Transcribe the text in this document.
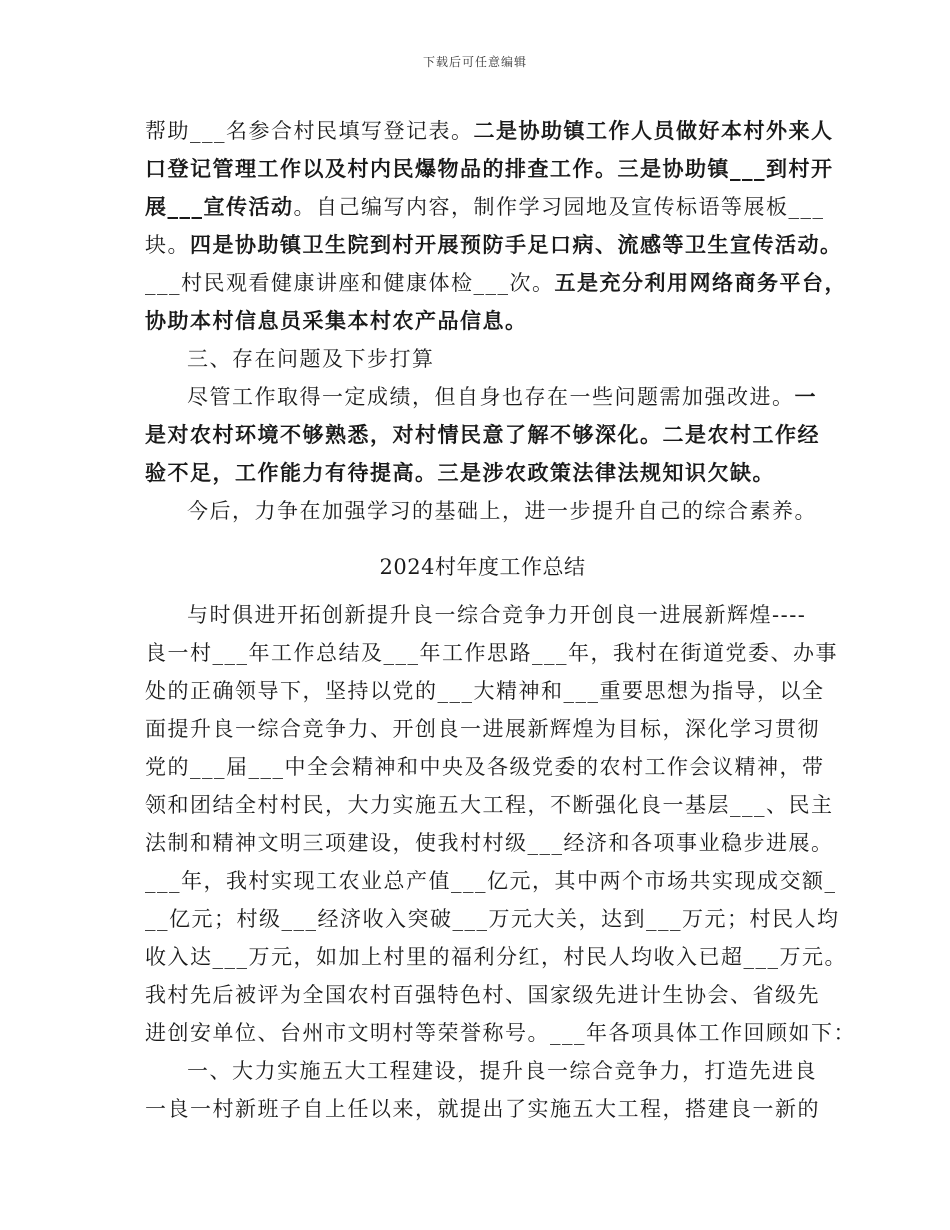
下载后可任意编辑
帮助___名参合村民填写登记表。二是协助镇工作人员做好本村外来人
口登记管理工作以及村内民爆物品的排查工作。三是协助镇___到村开
展___宣传活动。自己编写内容，制作学习园地及宣传标语等展板___
块。四是协助镇卫生院到村开展预防手足口病、流感等卫生宣传活动。
___村民观看健康讲座和健康体检___次。五是充分利用网络商务平台，
协助本村信息员采集本村农产品信息。
三、存在问题及下步打算
尽管工作取得一定成绩，但自身也存在一些问题需加强改进。一
是对农村环境不够熟悉，对村情民意了解不够深化。二是农村工作经
验不足，工作能力有待提高。三是涉农政策法律法规知识欠缺。
今后，力争在加强学习的基础上，进一步提升自己的综合素养。
2024村年度工作总结
与时俱进开拓创新提升良一综合竞争力开创良一进展新辉煌----
良一村___年工作总结及___年工作思路___年，我村在街道党委、办事
处的正确领导下，坚持以党的___大精神和___重要思想为指导，以全
面提升良一综合竞争力、开创良一进展新辉煌为目标，深化学习贯彻
党的___届___中全会精神和中央及各级党委的农村工作会议精神，带
领和团结全村村民，大力实施五大工程，不断强化良一基层___、民主
法制和精神文明三项建设，使我村村级___经济和各项事业稳步进展。
___年，我村实现工农业总产值___亿元，其中两个市场共实现成交额_
__亿元；村级___经济收入突破___万元大关，达到___万元；村民人均
收入达___万元，如加上村里的福利分红，村民人均收入已超___万元。
我村先后被评为全国农村百强特色村、国家级先进计生协会、省级先
进创安单位、台州市文明村等荣誉称号。___年各项具体工作回顾如下：
一、大力实施五大工程建设，提升良一综合竞争力，打造先进良
一良一村新班子自上任以来，就提出了实施五大工程，搭建良一新的
